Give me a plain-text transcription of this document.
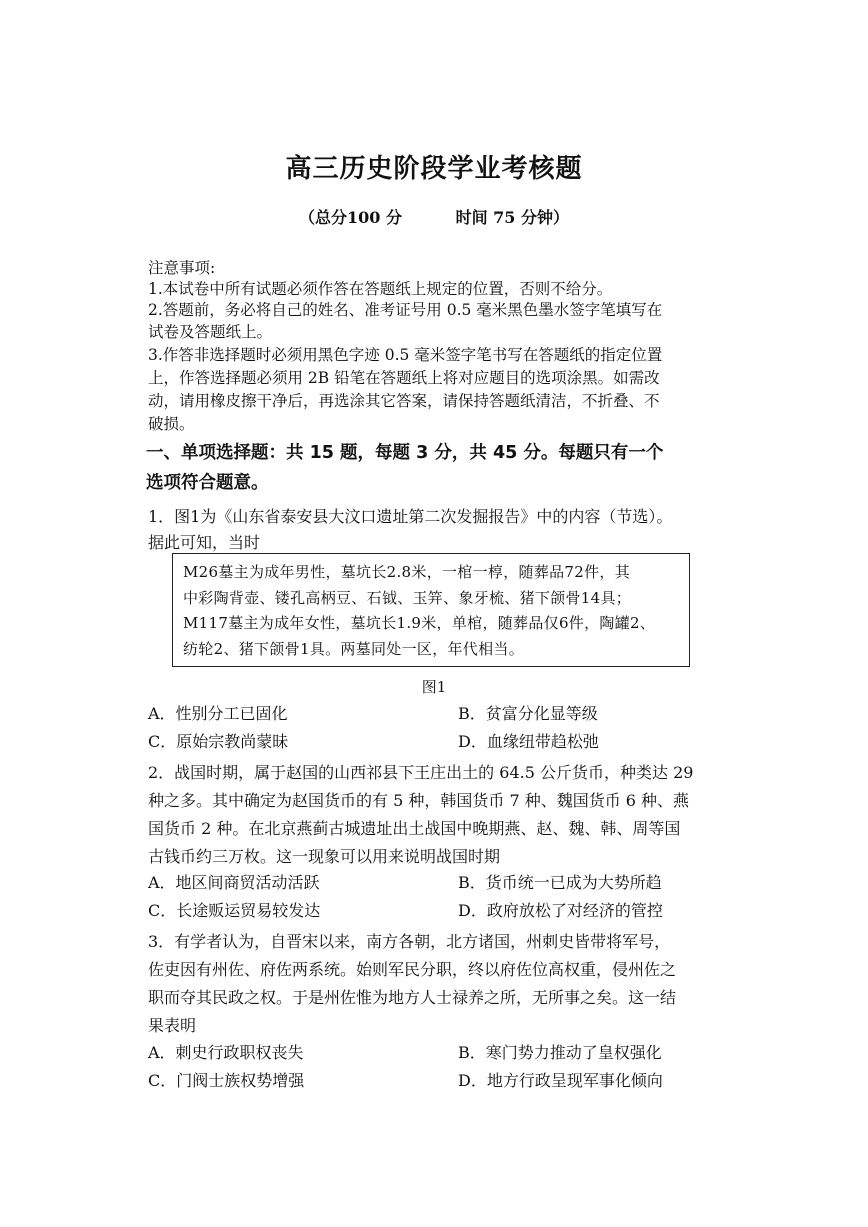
高三历史阶段学业考核题
（总分100 分	时间 75 分钟）
注意事项:
1.本试卷中所有试题必须作答在答题纸上规定的位置，否则不给分。
2.答题前，务必将自己的姓名、准考证号用 0.5 毫米黑色墨水签字笔填写在
试卷及答题纸上。
3.作答非选择题时必须用黑色字迹 0.5 毫米签字笔书写在答题纸的指定位置
上，作答选择题必须用 2B 铅笔在答题纸上将对应题目的选项涂黑。如需改
动，请用橡皮擦干净后，再选涂其它答案，请保持答题纸清洁，不折叠、不
破损。
一、单项选择题：共 15 题，每题 3 分，共 45 分。每题只有一个
选项符合题意。
1．图1为《山东省泰安县大汶口遗址第二次发掘报告》中的内容（节选）。
据此可知，当时
M26墓主为成年男性，墓坑长2.8米，一棺一椁，随葬品72件，其
中彩陶背壶、镂孔高柄豆、石钺、玉笄、象牙梳、猪下颌骨14具；
M117墓主为成年女性，墓坑长1.9米，单棺，随葬品仅6件，陶罐2、
纺轮2、猪下颌骨1具。两墓同处一区，年代相当。
图1
A．性别分工已固化	B．贫富分化显等级
C．原始宗教尚蒙昧	D．血缘纽带趋松弛
2．战国时期，属于赵国的山西祁县下王庄出土的 64.5 公斤货币，种类达 29
种之多。其中确定为赵国货币的有 5 种，韩国货币 7 种、魏国货币 6 种、燕
国货币 2 种。在北京燕蓟古城遗址出土战国中晚期燕、赵、魏、韩、周等国
古钱币约三万枚。这一现象可以用来说明战国时期
A．地区间商贸活动活跃	B．货币统一已成为大势所趋
C．长途贩运贸易较发达	D．政府放松了对经济的管控
3．有学者认为，自晋宋以来，南方各朝，北方诸国，州刺史皆带将军号，
佐吏因有州佐、府佐两系统。始则军民分职，终以府佐位高权重，侵州佐之
职而夺其民政之权。于是州佐惟为地方人士禄养之所，无所事之矣。这一结
果表明
A．刺史行政职权丧失	B．寒门势力推动了皇权强化
C．门阀士族权势增强	D．地方行政呈现军事化倾向
